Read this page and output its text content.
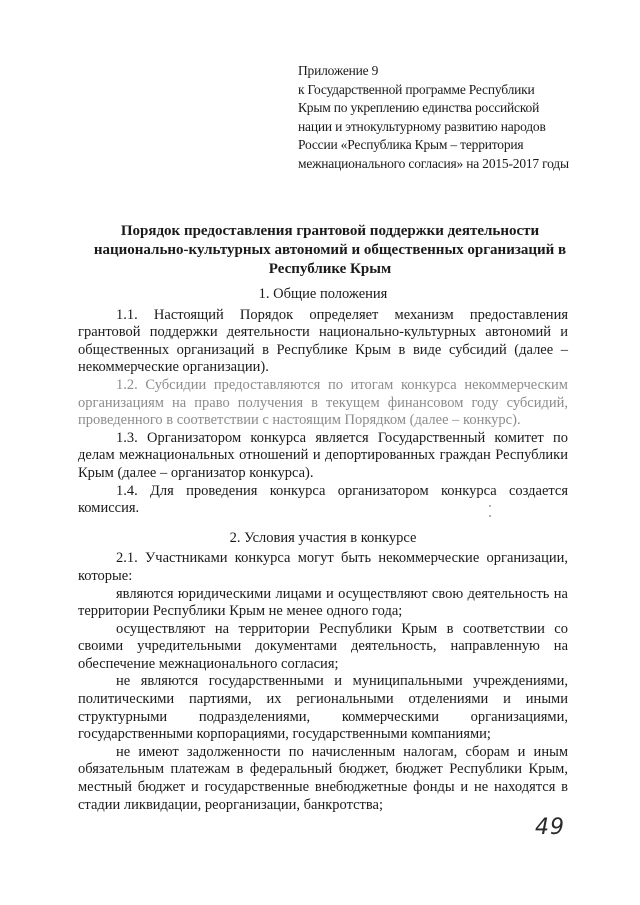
Приложение 9
к Государственной программе Республики
Крым по укреплению единства российской
нации и этнокультурному развитию народов
России «Республика Крым – территория
межнационального согласия» на 2015-2017 годы
Порядок предоставления грантовой поддержки деятельности
национально-культурных автономий и общественных организаций в
Республике Крым
1. Общие положения

1.1. Настоящий Порядок определяет механизм предоставления грантовой поддержки деятельности национально-культурных автономий и общественных организаций в Республике Крым в виде субсидий (далее – некоммерческие организации).

1.2. Субсидии предоставляются по итогам конкурса некоммерческим организациям на право получения в текущем финансовом году субсидий, проведенного в соответствии с настоящим Порядком (далее – конкурс).

1.3. Организатором конкурса является Государственный комитет по делам межнациональных отношений и депортированных граждан Республики Крым (далее – организатор конкурса).

1.4. Для проведения конкурса организатором конкурса создается комиссия.

2. Условия участия в конкурсе

2.1. Участниками конкурса могут быть некоммерческие организации, которые:

являются юридическими лицами и осуществляют свою деятельность на территории Республики Крым не менее одного года;

осуществляют на территории Республики Крым в соответствии со своими учредительными документами деятельность, направленную на обеспечение межнационального согласия;

не являются государственными и муниципальными учреждениями, политическими партиями, их региональными отделениями и иными структурными подразделениями, коммерческими организациями, государственными корпорациями, государственными компаниями;

не имеют задолженности по начисленным налогам, сборам и иным обязательным платежам в федеральный бюджет, бюджет Республики Крым, местный бюджет и государственные внебюджетные фонды и не находятся в стадии ликвидации, реорганизации, банкротства;

49
